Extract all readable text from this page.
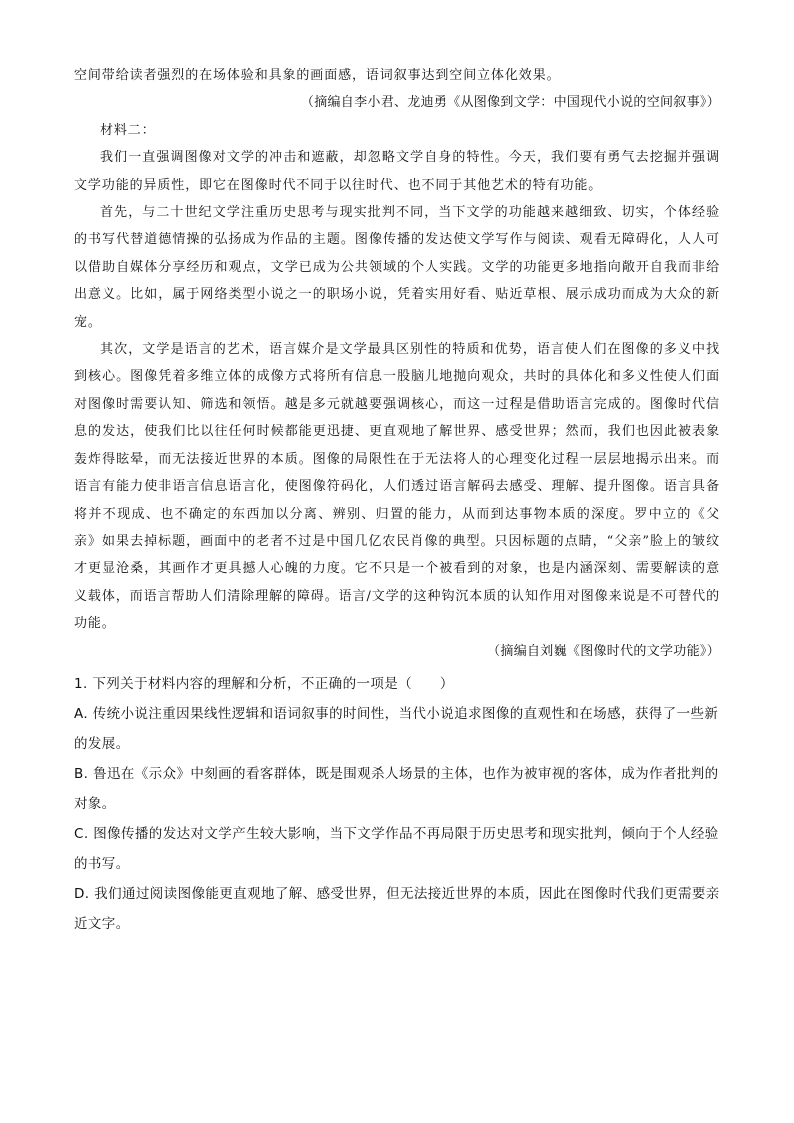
空间带给读者强烈的在场体验和具象的画面感，语词叙事达到空间立体化效果。

（摘编自李小君、龙迪勇《从图像到文学：中国现代小说的空间叙事》）

材料二：

我们一直强调图像对文学的冲击和遮蔽，却忽略文学自身的特性。今天，我们要有勇气去挖掘并强调文学功能的异质性，即它在图像时代不同于以往时代、也不同于其他艺术的特有功能。

首先，与二十世纪文学注重历史思考与现实批判不同，当下文学的功能越来越细致、切实，个体经验的书写代替道德情操的弘扬成为作品的主题。图像传播的发达使文学写作与阅读、观看无障碍化，人人可以借助自媒体分享经历和观点，文学已成为公共领域的个人实践。文学的功能更多地指向敞开自我而非给出意义。比如，属于网络类型小说之一的职场小说，凭着实用好看、贴近草根、展示成功而成为大众的新宠。

其次，文学是语言的艺术，语言媒介是文学最具区别性的特质和优势，语言使人们在图像的多义中找到核心。图像凭着多维立体的成像方式将所有信息一股脑儿地抛向观众，共时的具体化和多义性使人们面对图像时需要认知、筛选和领悟。越是多元就越要强调核心，而这一过程是借助语言完成的。图像时代信息的发达，使我们比以往任何时候都能更迅捷、更直观地了解世界、感受世界；然而，我们也因此被表象轰炸得眩晕，而无法接近世界的本质。图像的局限性在于无法将人的心理变化过程一层层地揭示出来。而语言有能力使非语言信息语言化，使图像符码化，人们透过语言解码去感受、理解、提升图像。语言具备将并不现成、也不确定的东西加以分离、辨别、归置的能力，从而到达事物本质的深度。罗中立的《父亲》如果去掉标题，画面中的老者不过是中国几亿农民肖像的典型。只因标题的点睛，“父亲”脸上的皱纹才更显沧桑，其画作才更具撼人心魄的力度。它不只是一个被看到的对象，也是内涵深刻、需要解读的意义载体，而语言帮助人们清除理解的障碍。语言/文学的这种钩沉本质的认知作用对图像来说是不可替代的功能。

（摘编自刘巍《图像时代的文学功能》）

1. 下列关于材料内容的理解和分析，不正确的一项是（　　）

A. 传统小说注重因果线性逻辑和语词叙事的时间性，当代小说追求图像的直观性和在场感，获得了一些新的发展。

B. 鲁迅在《示众》中刻画的看客群体，既是围观杀人场景的主体，也作为被审视的客体，成为作者批判的对象。

C. 图像传播的发达对文学产生较大影响，当下文学作品不再局限于历史思考和现实批判，倾向于个人经验的书写。

D. 我们通过阅读图像能更直观地了解、感受世界，但无法接近世界的本质，因此在图像时代我们更需要亲近文字。
